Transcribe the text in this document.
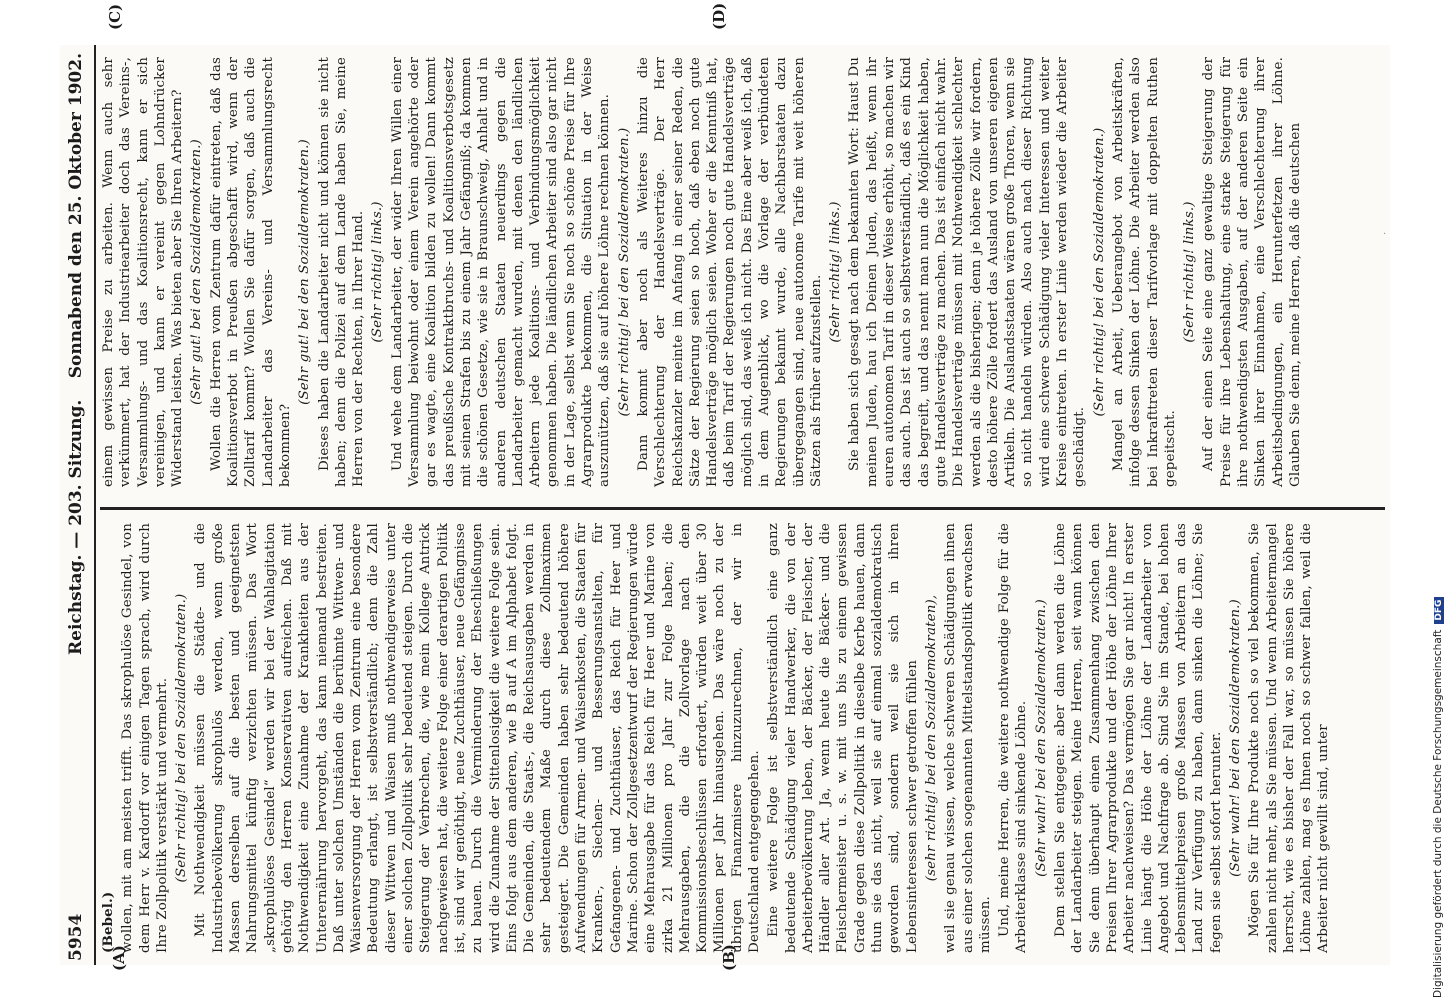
5954
Reichstag. — 203. Sitzung.
Sonnabend den 25. Oktober 1902.
(A)	(B)
(C)	(D)
(Bebel.) wollen, mit am meisten trifft. Das skrophulöse Gesindel, von dem Herr v. Kardorff vor einigen Tagen sprach, wird durch Ihre Zollpolitik verstärkt und vermehrt. (Sehr richtig! bei den Sozialdemokraten.) Mit Nothwendigkeit müssen die Städte- und die Industriebevölkerung skrophulös werden, wenn große Massen derselben auf die besten und geeignetsten Nahrungsmittel künftig verzichten müssen. Das Wort „skrophulöses Gesindel“ werden wir bei der Wahlagitation gehörig den Herren Konservativen aufreichen. Daß mit Nothwendigkeit eine Zunahme der Krankheiten aus der Unterernährung hervorgeht, das kann niemand bestreiten. Daß unter solchen Umständen die berühmte Wittwen- und Waisenversorgung der Herren vom Zentrum eine besondere Bedeutung erlangt, ist selbstverständlich; denn die Zahl dieser Wittwen und Waisen muß nothwendigerweise unter einer solchen Zollpolitik sehr bedeutend steigen. Durch die Steigerung der Verbrechen, die, wie mein Kollege Antrick nachgewiesen hat, die weitere Folge einer derartigen Politik ist, sind wir genöthigt, neue Zuchthäuser, neue Gefängnisse zu bauen. Durch die Verminderung der Eheschließungen wird die Zunahme der Sittenlosigkeit die weitere Folge sein. Eins folgt aus dem anderen, wie B auf A im Alphabet folgt. Die Gemeinden, die Staats-, die Reichsausgaben werden in sehr bedeutendem Maße durch diese Zollmaximen gesteigert. Die Gemeinden haben sehr bedeutend höhere Aufwendungen für Armen- und Waisenkosten, die Staaten für Kranken-, Siechen- und Besserungsanstalten, für Gefangenen- und Zuchthäuser, das Reich für Heer und Marine. Schon der Zollgesetzentwurf der Regierungen würde eine Mehrausgabe für das Reich für Heer und Marine von zirka 21 Millionen pro Jahr zur Folge haben; die Mehrausgaben, die die Zollvorlage nach den Kommissionsbeschlüssen erfordert, würden weit über 30 Millionen per Jahr hinausgehen. Das wäre noch zu der übrigen Finanzmisere hinzuzurechnen, der wir in Deutschland entgegengehen. Eine weitere Folge ist selbstverständlich eine ganz bedeutende Schädigung vieler Handwerker, die von der Arbeiterbevölkerung leben, der Bäcker, der Fleischer, der Händler aller Art. Ja, wenn heute die Bäcker- und die Fleischermeister u. s. w. mit uns bis zu einem gewissen Grade gegen diese Zollpolitik in dieselbe Kerbe hauen, dann thun sie das nicht, weil sie auf einmal sozialdemokratisch geworden sind, sondern weil sie sich in ihren Lebensinteressen schwer getroffen fühlen (sehr richtig! bei den Sozialdemokraten), weil sie genau wissen, welche schweren Schädigungen ihnen aus einer solchen sogenannten Mittelstandspolitik erwachsen müssen. Und, meine Herren, die weitere nothwendige Folge für die Arbeiterklasse sind sinkende Löhne. (Sehr wahr! bei den Sozialdemokraten.) Dem stellen Sie entgegen: aber dann werden die Löhne der Landarbeiter steigen. Meine Herren, seit wann können Sie denn überhaupt einen Zusammenhang zwischen den Preisen Ihrer Agrarprodukte und der Höhe der Löhne Ihrer Arbeiter nachweisen? Das vermögen Sie gar nicht! In erster Linie hängt die Höhe der Löhne der Landarbeiter von Angebot und Nachfrage ab. Sind Sie im Stande, bei hohen Lebensmittelpreisen große Massen von Arbeitern an das Land zur Verfügung zu haben, dann sinken die Löhne; Sie fegen sie selbst sofort herunter. (Sehr wahr! bei den Sozialdemokraten.) Mögen Sie für Ihre Produkte noch so viel bekommen, Sie zahlen nicht mehr, als Sie müssen. Und wenn Arbeitermangel herrscht, wie es bisher der Fall war, so müssen Sie höhere Löhne zahlen, mag es Ihnen noch so schwer fallen, weil die Arbeiter nicht gewillt sind, unter

einem gewissen Preise zu arbeiten. Wenn auch sehr verkümmert, hat der Industriearbeiter doch das Vereins-, Versammlungs- und das Koalitionsrecht, kann er sich vereinigen, und kann er vereint gegen Lohndrücker Widerstand leisten. Was bieten aber Sie Ihren Arbeitern? (Sehr gut! bei den Sozialdemokraten.) Wollen die Herren vom Zentrum dafür eintreten, daß das Koalitionsverbot in Preußen abgeschafft wird, wenn der Zolltarif kommt? Wollen Sie dafür sorgen, daß auch die Landarbeiter das Vereins- und Versammlungsrecht bekommen?

(Sehr gut! bei den Sozialdemokraten.) Dieses haben die Landarbeiter nicht und können sie nicht haben; denn die Polizei auf dem Lande haben Sie, meine Herren von der Rechten, in Ihrer Hand. (Sehr richtig! links.) Und wehe dem Landarbeiter, der wider Ihren Willen einer Versammlung beiwohnt oder einem Verein angehörte oder gar es wagte, eine Koalition bilden zu wollen! Dann kommt das preußische Kontraktbruchs- und Koalitionsverbotsgesetz mit seinen Strafen bis zu einem Jahr Gefängniß; da kommen die schönen Gesetze, wie sie in Braunschweig, Anhalt und in anderen deutschen Staaten neuerdings gegen die Landarbeiter gemacht wurden, mit denen den ländlichen Arbeitern jede Koalitions- und Verbindungsmöglichkeit genommen haben. Die ländlichen Arbeiter sind also gar nicht in der Lage, selbst wenn Sie noch so schöne Preise für Ihre Agrarprodukte bekommen, die Situation in der Weise auszunützen, daß sie auf höhere Löhne rechnen können. (Sehr richtig! bei den Sozialdemokraten.) Dann kommt aber noch als Weiteres hinzu die Verschlechterung der Handelsverträge. Der Herr Reichskanzler meinte im Anfang in einer seiner Reden, die Sätze der Regierung seien so hoch, daß eben noch gute Handelsverträge möglich seien. Woher er die Kenntniß hat, daß beim Tarif der Regierungen noch gute Handelsverträge möglich sind, das weiß ich nicht. Das Eine aber weiß ich, daß in dem Augenblick, wo die Vorlage der verbündeten Regierungen bekannt wurde, alle Nachbarstaaten dazu übergegangen sind, neue autonome Tarife mit weit höheren Sätzen als früher aufzustellen.

(Sehr richtig! links.) Sie haben sich gesagt nach dem bekannten Wort: Haust Du meinen Juden, hau ich Deinen Juden, das heißt, wenn ihr euren autonomen Tarif in dieser Weise erhöht, so machen wir das auch. Das ist auch so selbstverständlich, daß es ein Kind das begreift, und das nennt man nun die Möglichkeit haben, gute Handelsverträge zu machen. Das ist einfach nicht wahr. Die Handelsverträge müssen mit Nothwendigkeit schlechter werden als die bisherigen; denn je höhere Zölle wir fordern, desto höhere Zölle fordert das Ausland von unseren eigenen Artikeln. Die Auslandsstaaten wären große Thoren, wenn sie so nicht handeln würden. Also auch nach dieser Richtung wird eine schwere Schädigung vieler Interessen und weiter Kreise eintreten. In erster Linie werden wieder die Arbeiter geschädigt.

(Sehr richtig! bei den Sozialdemokraten.) Mangel an Arbeit, Ueberangebot von Arbeitskräften, infolge dessen Sinken der Löhne. Die Arbeiter werden also bei Inkrafttreten dieser Tarifvorlage mit doppelten Ruthen gepeitscht.

(Sehr richtig! links.) Auf der einen Seite eine ganz gewaltige Steigerung der Preise für ihre Lebenshaltung, eine starke Steigerung für ihre nothwendigsten Ausgaben, auf der anderen Seite ein Sinken ihrer Einnahmen, eine Verschlechterung ihrer Arbeitsbedingungen, ein Herunterfetzen ihrer Löhne. Glauben Sie denn, meine Herren, daß die deutschen	·
Digitalisierung gefördert durch die Deutsche ForschungsgemeinschaftDFG
